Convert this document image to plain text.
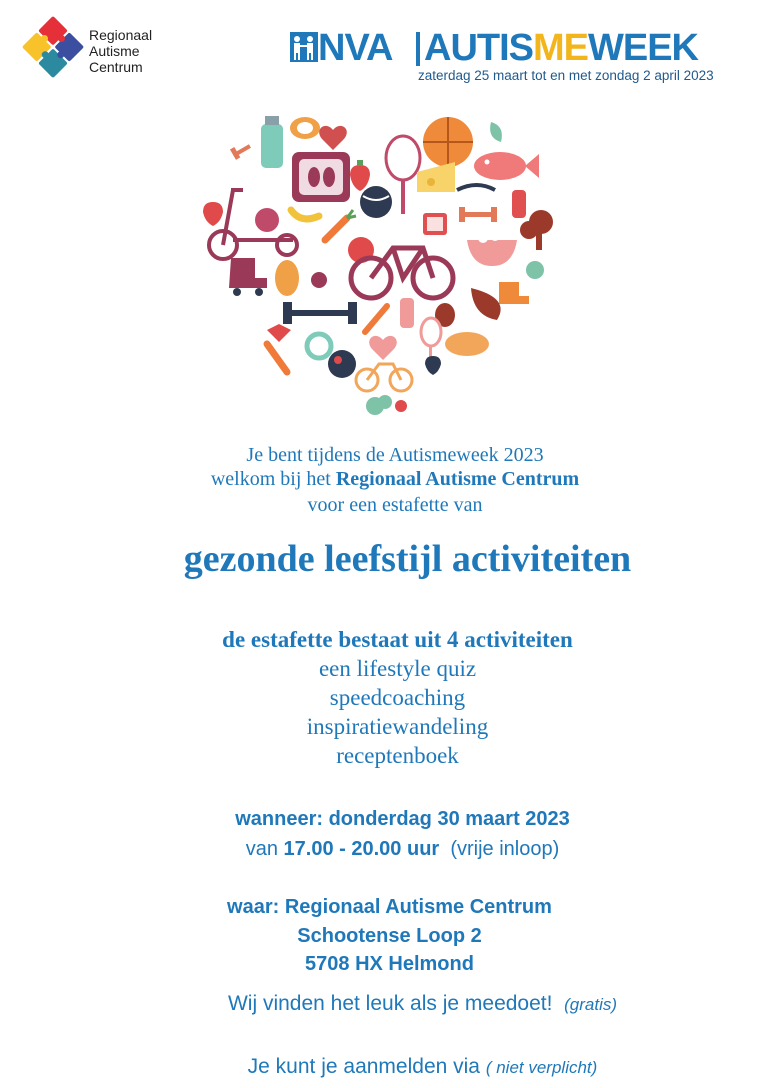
Regionaal
Autisme
Centrum	NVA AUTISMEWEEK
zaterdag 25 maart tot en met zondag 2 april 2023
Je bent tijdens de Autismeweek 2023
welkom bij het Regionaal Autisme Centrum
voor een estafette van
gezonde leefstijl activiteiten
de estafette bestaat uit 4 activiteiten
een lifestyle quiz
speedcoaching
inspiratiewandeling
receptenboek
wanneer: donderdag 30 maart 2023
van 17.00 - 20.00 uur  (vrije inloop)
waar: Regionaal Autisme Centrum
Schootense Loop 2
5708 HX Helmond
Wij vinden het leuk als je meedoet! (gratis)
Je kunt je aanmelden via ( niet verplicht)
